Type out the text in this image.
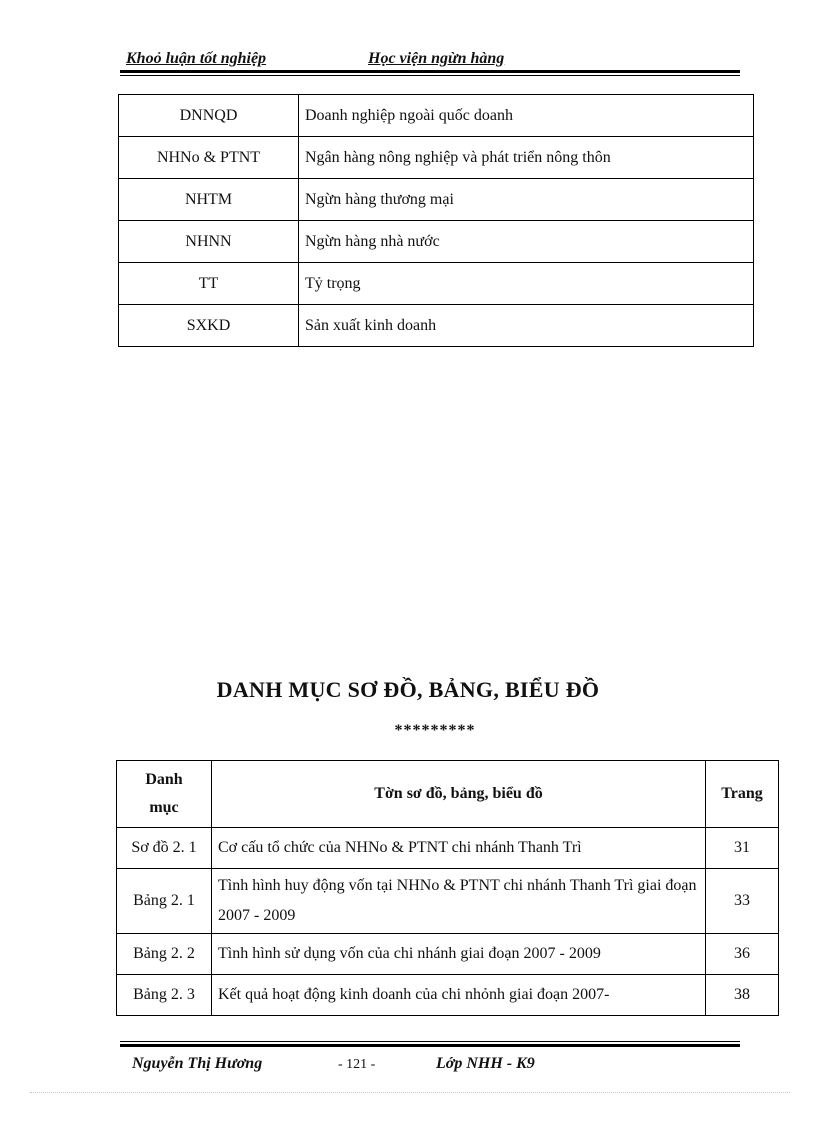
Khoỏ luận tốt nghiệp	Học viện ngừn hàng
DNNQD	Doanh nghiệp ngoài quốc doanh
NHNo & PTNT	Ngân hàng nông nghiệp và phát triển nông thôn
NHTM	Ngừn hàng thương mại
NHNN	Ngừn hàng nhà nước
TT	Tỷ trọng
SXKD	Sản xuất kinh doanh
DANH MỤC SƠ ĐỒ, BẢNG, BIỂU ĐỒ
*********
Danh
mục	Tờn sơ đồ, bảng, biểu đồ	Trang
Sơ đồ 2. 1	Cơ cấu tổ chức của NHNo & PTNT chi nhánh Thanh Trì	31
Bảng 2. 1	Tình hình huy động vốn tại NHNo & PTNT chi nhánh Thanh Trì giai đoạn 2007 - 2009	33
Bảng 2. 2	Tình hình sử dụng vốn của chi nhánh giai đoạn 2007 - 2009	36
Bảng 2. 3	Kết quả hoạt động kinh doanh của chi nhỏnh giai đoạn 2007-	38
Nguyễn Thị Hương	- 121 -	Lớp NHH - K9
